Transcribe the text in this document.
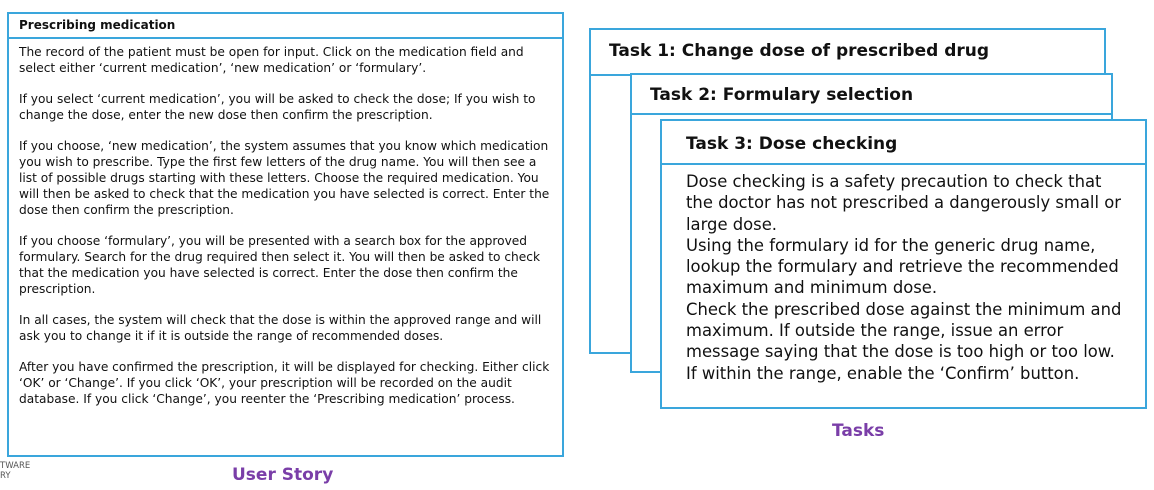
Prescribing medication

The record of the patient must be open for input. Click on the medication field and select either ‘current medication’, ‘new medication’ or ‘formulary’.

If you select ‘current medication’, you will be asked to check the dose; If you wish to change the dose, enter the new dose then confirm the prescription.

If you choose, ‘new medication’, the system assumes that you know which medication you wish to prescribe. Type the first few letters of the drug name. You will then see a list of possible drugs starting with these letters. Choose the required medication. You will then be asked to check that the medication you have selected is correct. Enter the dose then confirm the prescription.

If you choose ‘formulary’, you will be presented with a search box for the approved formulary. Search for the drug required then select it. You will then be asked to check that the medication you have selected is correct. Enter the dose then confirm the prescription.

In all cases, the system will check that the dose is within the approved range and will ask you to change it if it is outside the range of recommended doses.

After you have confirmed the prescription, it will be displayed for checking. Either click ‘OK’ or ‘Change’. If you click ‘OK’, your prescription will be recorded on the audit database. If you click ‘Change’, you reenter the ‘Prescribing medication’ process.

TWARE
RY	User Story
Task 1: Change dose of prescribed drug
Task 2: Formulary selection
Task 3: Dose checking
Dose checking is a safety precaution to check that
the doctor has not prescribed a dangerously small or
large dose.
Using the formulary id for the generic drug name,
lookup the formulary and retrieve the recommended
maximum and minimum dose.
Check the prescribed dose against the minimum and
maximum. If outside the range, issue an error
message saying that the dose is too high or too low.
If within the range, enable the ‘Confirm’ button.
Tasks
